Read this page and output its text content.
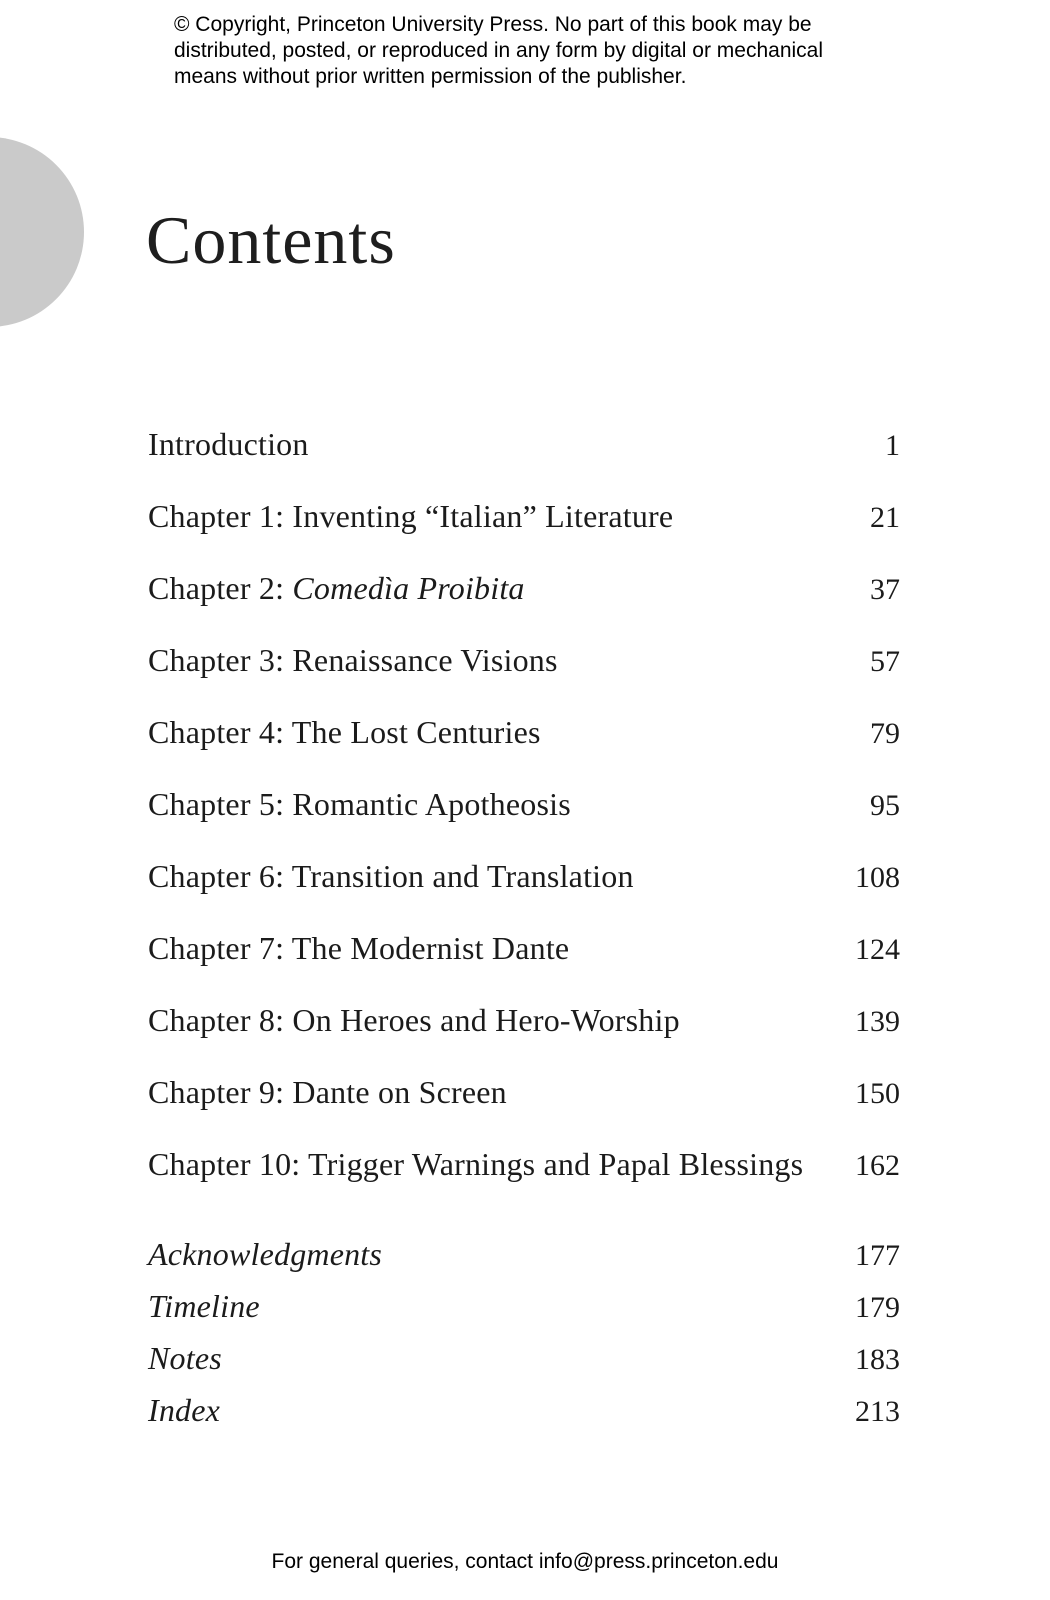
© Copyright, Princeton University Press. No part of this book may be
distributed, posted, or reproduced in any form by digital or mechanical
means without prior written permission of the publisher.
Contents
Introduction	1
Chapter 1: Inventing “Italian” Literature	21
Chapter 2: Comedìa Proibita	37
Chapter 3: Renaissance Visions	57
Chapter 4: The Lost Centuries	79
Chapter 5: Romantic Apotheosis	95
Chapter 6: Transition and Translation	108
Chapter 7: The Modernist Dante	124
Chapter 8: On Heroes and Hero-Worship	139
Chapter 9: Dante on Screen	150
Chapter 10: Trigger Warnings and Papal Blessings	162
Acknowledgments	177
Timeline	179
Notes	183
Index	213
For general queries, contact info@press.princeton.edu
